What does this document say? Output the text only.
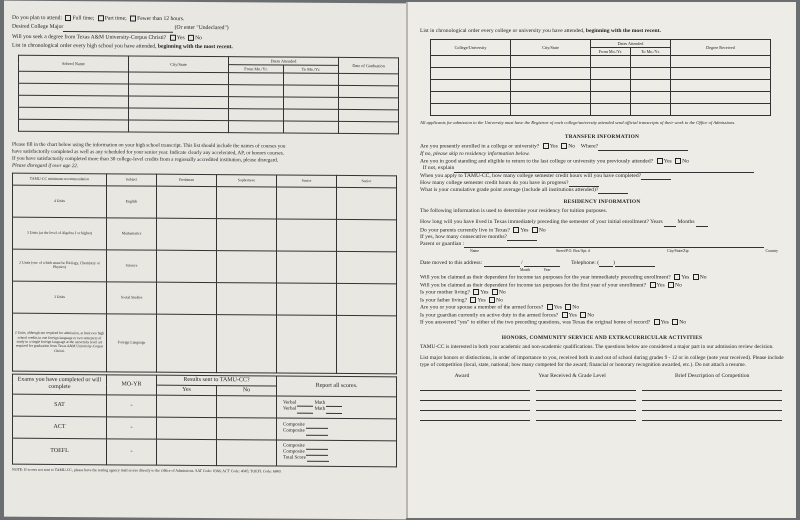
Do you plan to attend: Full time; Part time; Fewer than 12 hours.
Desired College Major	(Or enter "Undeclared")
Will you seek a degree from Texas A&M University-Corpus Christi? Yes No
List in chronological order every high school you have attended, beginning with the most recent.
School Name	City/State	Dates Attended		Date of Graduation
		From Mo./Yr.	To Mo./Yr.	

Please fill in the chart below using the information on your high school transcript. This list should include the names of courses you
have satisfactorily completed as well as any scheduled for your senior year. Indicate clearly any accelerated, AP, or honors courses.
If you have satisfactorily completed more than 30 college-level credits from a regionally accredited institution, please disregard.
Please disregard if over age 22.
TAMU-CC minimum recommendation	Subject	Freshman	Sophomore	Junior	Senior
4 Units	English				
3 Units (at the level of Algebra I or higher)	Mathematics				
2 Units (one of which must be Biology, Chemistry or Physics)	Science				
3 Units	Social Studies				
2 Units, although not required for admission, at least two high school credits in one foreign language or two semesters of study in a single foreign language at the university level are required for graduation from Texas A&M University-Corpus Christi.	Foreign Language				
Exams you have completed or will complete	MO-YR	Results sent to TAMU-CC?		Report all scores.
		Yes	No	
SAT	-			Verbal Math
Verbal Math

ACT	-			Composite
Composite

TOEFL	-			Composite
Composite
Total Score
NOTE: If scores not sent to TAMU-CC, please have the testing agency mail scores directly to the Office of Admissions. SAT Code: 0366; ACT Code: 4045; TOEFL Code: 6849.
List in chronological order every college or university you have attended, beginning with the most recent.
College/University	City/State	Dates Attended		Degree Received
		From Mo./Yr.	To Mo./Yr.	

All applicants for admission to the University must have the Registrar of each college/university attended send official transcripts of their work to the Office of Admissions.
TRANSFER INFORMATION
Are you presently enrolled in a college or university? Yes No Where?
If no, please skip to residency information below.
Are you in good standing and eligible to return to the last college or university you previously attended? Yes No
If not, explain
When you apply to TAMU-CC, how many college semester credit hours will you have completed?
How many college semester credit hours do you have in progress?
What is your cumulative grade point average (include all institutions attended)?
RESIDENCY INFORMATION
The following information is used to determine your residency for tuition purposes.
How long will you have lived in Texas immediately preceding the semester of your initial enrollment? Years	Months
Do your parents currently live in Texas? Yes No
If yes, how many consecutive months?
Parent or guardian :
Name	Street/P.O. Box/Apt. #	City/State/Zip	Country
Date moved to this address:	/	Telephone: (	)
Month	Year
Will you be claimed as their dependent for income tax purposes for the year immediately preceding enrollment? Yes No
Will you be claimed as their dependent for income tax purposes for the first year of your enrollment? Yes No
Is your mother living? Yes No
Is your father living? Yes No
Are you or your spouse a member of the armed forces? Yes No
Is your guardian currently on active duty in the armed forces? Yes No
If you answered "yes" to either of the two preceding questions, was Texas the original home of record? Yes No
HONORS, COMMUNITY SERVICE AND EXTRACURRICULAR ACTIVITIES
TAMU-CC is interested in both your academic and non-academic qualifications. The questions below are considered a major part in our admission review decision.
List major honors or distinctions, in order of importance to you, received both in and out of school during grades 9 - 12 or in college (note year received). Please include type of competition (local, state, national; how many competed for the award; financial or honorary recognition awarded, etc.). Do not attach a resume.
Award	Year Received & Grade Level	Brief Description of Competition
